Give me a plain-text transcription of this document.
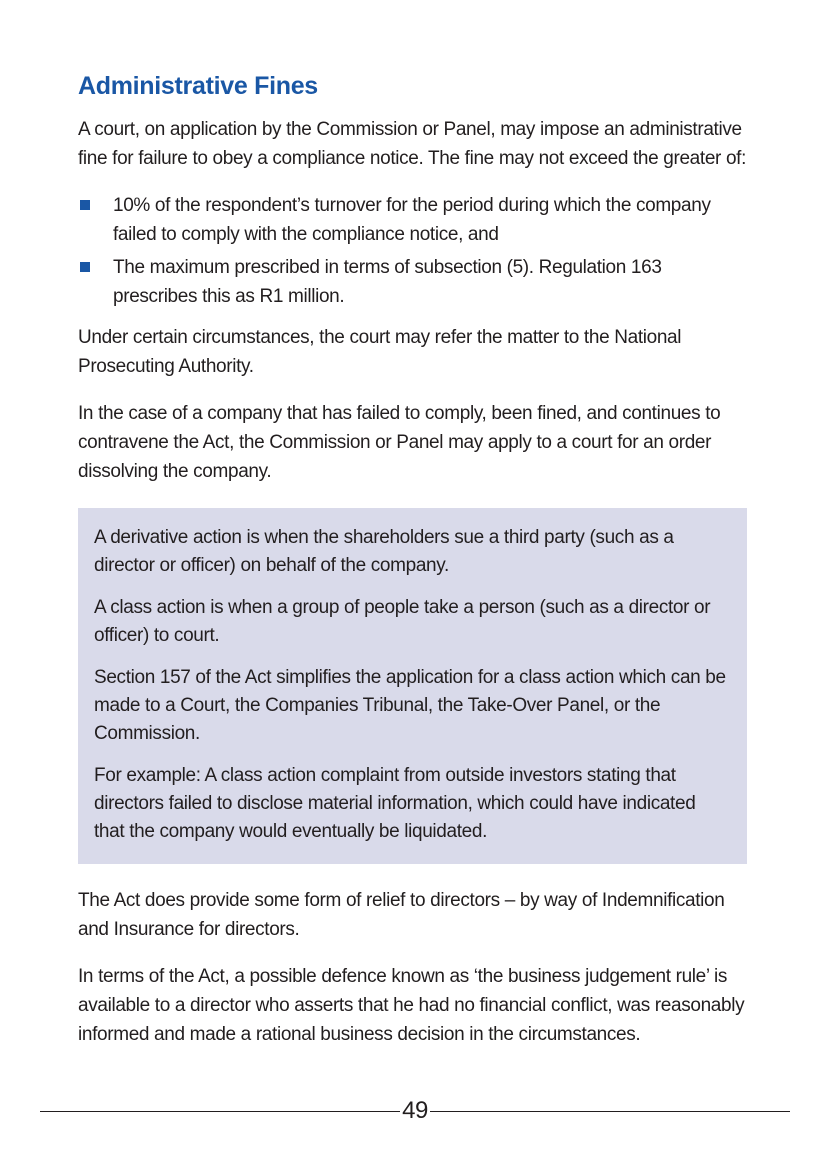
Administrative Fines

A court, on application by the Commission or Panel, may impose an administrative fine for failure to obey a compliance notice. The fine may not exceed the greater of:

10% of the respondent’s turnover for the period during which the company failed to comply with the compliance notice, and
The maximum prescribed in terms of subsection (5). Regulation 163 prescribes this as R1 million.

Under certain circumstances, the court may refer the matter to the National Prosecuting Authority.

In the case of a company that has failed to comply, been fined, and continues to contravene the Act, the Commission or Panel may apply to a court for an order dissolving the company.

A derivative action is when the shareholders sue a third party (such as a director or officer) on behalf of the company.

A class action is when a group of people take a person (such as a director or officer) to court.

Section 157 of the Act simplifies the application for a class action which can be made to a Court, the Companies Tribunal, the Take-Over Panel, or the Commission.

For example: A class action complaint from outside investors stating that directors failed to disclose material information, which could have indicated that the company would eventually be liquidated.

The Act does provide some form of relief to directors – by way of Indemnification and Insurance for directors.

In terms of the Act, a possible defence known as ‘the business judgement rule’ is available to a director who asserts that he had no financial conflict, was reasonably informed and made a rational business decision in the circumstances.

49
